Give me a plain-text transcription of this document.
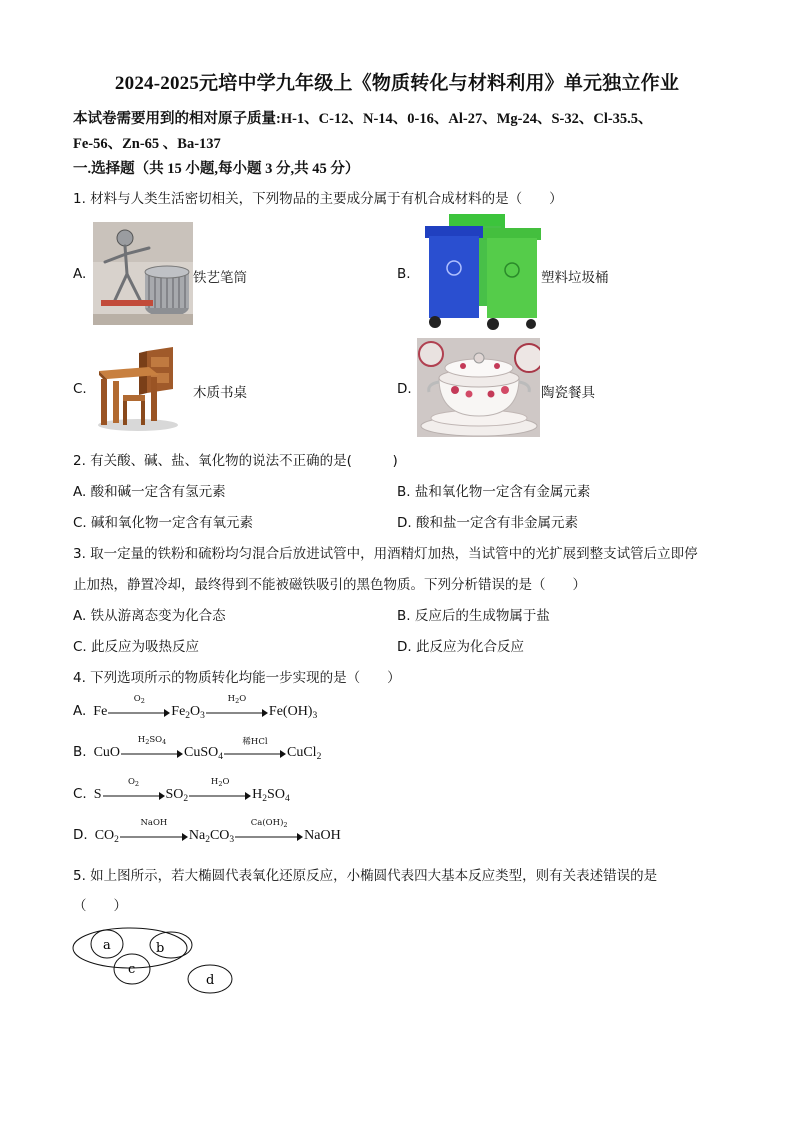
2024-2025元培中学九年级上《物质转化与材料利用》单元独立作业
本试卷需要用到的相对原子质量:H-1、C-12、N-14、0-16、Al-27、Mg-24、S-32、Cl-35.5、
Fe-56、Zn-65 、Ba-137
一.选择题（共 15 小题,每小题 3 分,共 45 分）
1. 材料与人类生活密切相关，下列物品的主要成分属于有机合成材料的是（　　）
A.	铁艺笔筒	B.	塑料垃圾桶
C.	木质书桌	D.	陶瓷餐具
2. 有关酸、碱、盐、氧化物的说法不正确的是(　　　)
A. 酸和碱一定含有氢元素	B. 盐和氧化物一定含有金属元素
C. 碱和氧化物一定含有氧元素	D. 酸和盐一定含有非金属元素
3. 取一定量的铁粉和硫粉均匀混合后放进试管中，用酒精灯加热，当试管中的光扩展到整支试管后立即停
止加热，静置冷却，最终得到不能被磁铁吸引的黑色物质。下列分析错误的是（　　）
A. 铁从游离态变为化合态	B. 反应后的生成物属于盐
C. 此反应为吸热反应	D. 此反应为化合反应
4. 下列选项所示的物质转化均能一步实现的是（　　）
A.  Fe
$O_2$
$Fe_2O_3$
$H_2O$
$Fe(OH)_3$
B.  CuO
$H_2SO_4$
CuSO$_4$
稀HCl
CuCl$_2$
C.  S
$O_2$
$SO_2$
$H_2O$
$H_2SO_4$
D.  $CO_2$
NaOH
$Na_2CO_3$
$Ca(OH)_2$
NaOH
5. 如上图所示，若大椭圆代表氧化还原反应，小椭圆代表四大基本反应类型，则有关表述错误的是
（　　）
a	b
c
d
